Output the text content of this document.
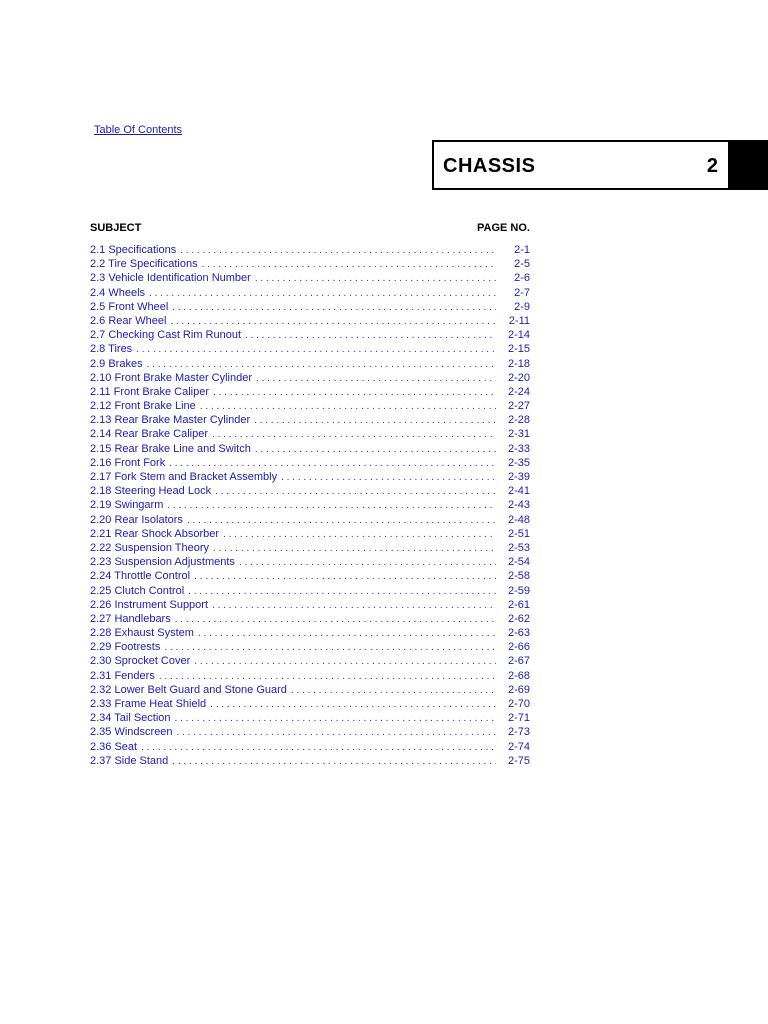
Table Of Contents
CHASSIS	2
SUBJECT	PAGE NO.
2.1 Specifications . . .	2-1
2.2 Tire Specifications . . .	2-5
2.3 Vehicle Identification Number . . .	2-6
2.4 Wheels . . .	2-7
2.5 Front Wheel . . .	2-9
2.6 Rear Wheel . . .	2-11
2.7 Checking Cast Rim Runout . . .	2-14
2.8 Tires . . .	2-15
2.9 Brakes . . .	2-18
2.10 Front Brake Master Cylinder . . .	2-20
2.11 Front Brake Caliper . . .	2-24
2.12 Front Brake Line . . .	2-27
2.13 Rear Brake Master Cylinder . . .	2-28
2.14 Rear Brake Caliper . . .	2-31
2.15 Rear Brake Line and Switch . . .	2-33
2.16 Front Fork . . .	2-35
2.17 Fork Stem and Bracket Assembly . . .	2-39
2.18 Steering Head Lock . . .	2-41
2.19 Swingarm . . .	2-43
2.20 Rear Isolators . . .	2-48
2.21 Rear Shock Absorber . . .	2-51
2.22 Suspension Theory . . .	2-53
2.23 Suspension Adjustments . . .	2-54
2.24 Throttle Control . . .	2-58
2.25 Clutch Control . . .	2-59
2.26 Instrument Support . . .	2-61
2.27 Handlebars . . .	2-62
2.28 Exhaust System . . .	2-63
2.29 Footrests . . .	2-66
2.30 Sprocket Cover . . .	2-67
2.31 Fenders . . .	2-68
2.32 Lower Belt Guard and Stone Guard . . .	2-69
2.33 Frame Heat Shield . . .	2-70
2.34 Tail Section . . .	2-71
2.35 Windscreen . . .	2-73
2.36 Seat . . .	2-74
2.37 Side Stand . . .	2-75
